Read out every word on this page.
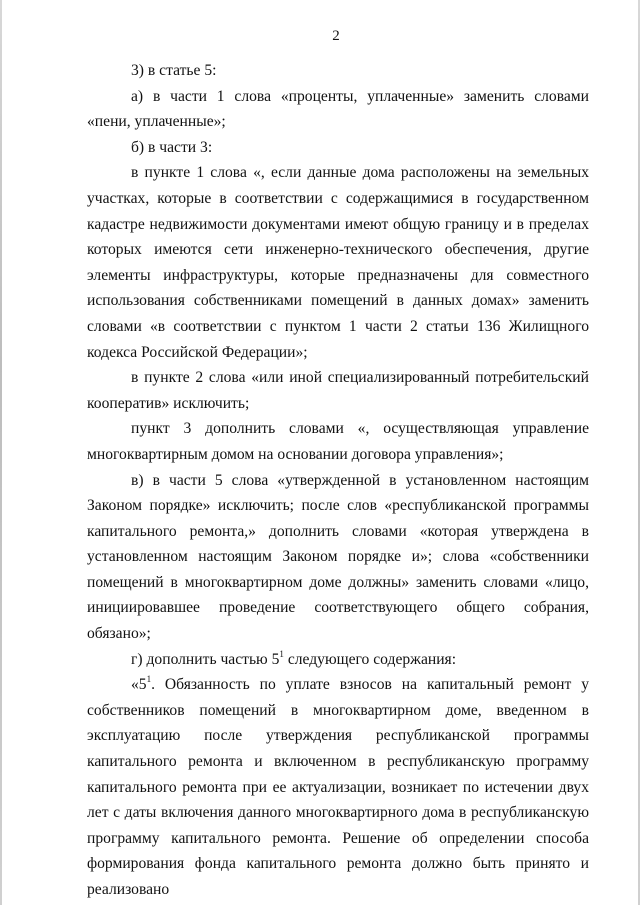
2

3) в статье 5:

а) в части 1 слова «проценты, уплаченные» заменить словами «пени, уплаченные»;

б) в части 3:

в пункте 1 слова «, если данные дома расположены на земельных участках, которые в соответствии с содержащимися в государственном кадастре недвижимости документами имеют общую границу и в пределах которых имеются сети инженерно-технического обеспечения, другие элементы инфраструктуры, которые предназначены для совместного использования собственниками помещений в данных домах» заменить словами «в соответствии с пунктом 1 части 2 статьи 136 Жилищного кодекса Российской Федерации»;

в пункте 2 слова «или иной специализированный потребительский кооператив» исключить;

пункт 3 дополнить словами «, осуществляющая управление многоквартирным домом на основании договора управления»;

в) в части 5 слова «утвержденной в установленном настоящим Законом порядке» исключить; после слов «республиканской программы капитального ремонта,» дополнить словами «которая утверждена в установленном настоящим Законом порядке и»; слова «собственники помещений в многоквартирном доме должны» заменить словами «лицо, инициировавшее проведение соответствующего общего собрания, обязано»;

г) дополнить частью $5^1$ следующего содержания:

«$5^1$. Обязанность по уплате взносов на капитальный ремонт у собственников помещений в многоквартирном доме, введенном в эксплуатацию после утверждения республиканской программы капитального ремонта и включенном в республиканскую программу капитального ремонта при ее актуализации, возникает по истечении двух лет с даты включения данного многоквартирного дома в республиканскую программу капитального ремонта. Решение об определении способа формирования фонда капитального ремонта должно быть принято и реализовано
